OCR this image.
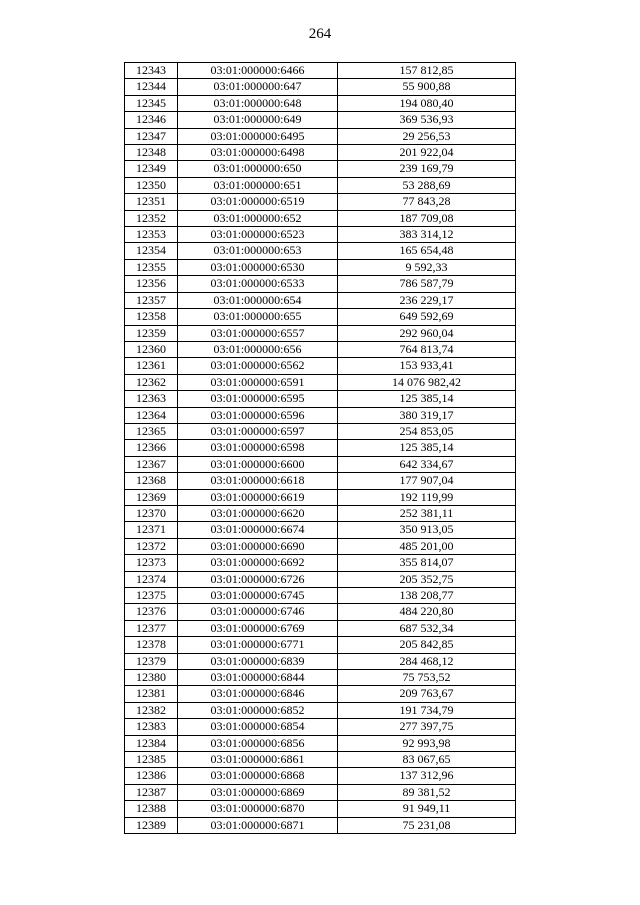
264
12343	03:01:000000:6466	157 812,85
12344	03:01:000000:647	55 900,88
12345	03:01:000000:648	194 080,40
12346	03:01:000000:649	369 536,93
12347	03:01:000000:6495	29 256,53
12348	03:01:000000:6498	201 922,04
12349	03:01:000000:650	239 169,79
12350	03:01:000000:651	53 288,69
12351	03:01:000000:6519	77 843,28
12352	03:01:000000:652	187 709,08
12353	03:01:000000:6523	383 314,12
12354	03:01:000000:653	165 654,48
12355	03:01:000000:6530	9 592,33
12356	03:01:000000:6533	786 587,79
12357	03:01:000000:654	236 229,17
12358	03:01:000000:655	649 592,69
12359	03:01:000000:6557	292 960,04
12360	03:01:000000:656	764 813,74
12361	03:01:000000:6562	153 933,41
12362	03:01:000000:6591	14 076 982,42
12363	03:01:000000:6595	125 385,14
12364	03:01:000000:6596	380 319,17
12365	03:01:000000:6597	254 853,05
12366	03:01:000000:6598	125 385,14
12367	03:01:000000:6600	642 334,67
12368	03:01:000000:6618	177 907,04
12369	03:01:000000:6619	192 119,99
12370	03:01:000000:6620	252 381,11
12371	03:01:000000:6674	350 913,05
12372	03:01:000000:6690	485 201,00
12373	03:01:000000:6692	355 814,07
12374	03:01:000000:6726	205 352,75
12375	03:01:000000:6745	138 208,77
12376	03:01:000000:6746	484 220,80
12377	03:01:000000:6769	687 532,34
12378	03:01:000000:6771	205 842,85
12379	03:01:000000:6839	284 468,12
12380	03:01:000000:6844	75 753,52
12381	03:01:000000:6846	209 763,67
12382	03:01:000000:6852	191 734,79
12383	03:01:000000:6854	277 397,75
12384	03:01:000000:6856	92 993,98
12385	03:01:000000:6861	83 067,65
12386	03:01:000000:6868	137 312,96
12387	03:01:000000:6869	89 381,52
12388	03:01:000000:6870	91 949,11
12389	03:01:000000:6871	75 231,08
